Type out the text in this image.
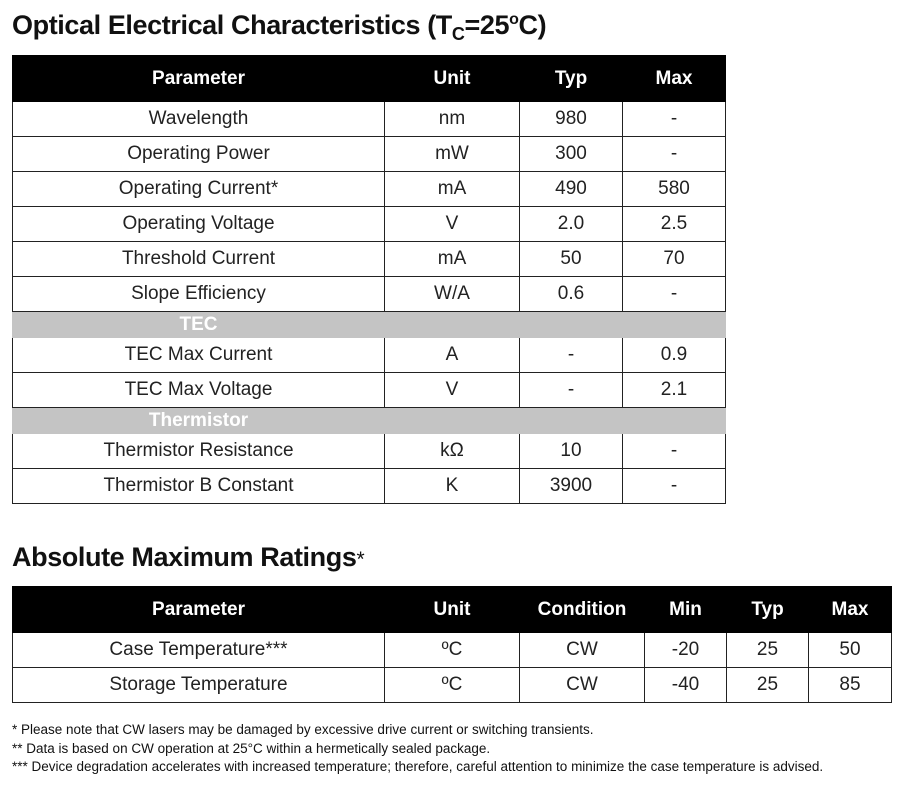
Optical Electrical Characteristics $(T_C=25^oC)$
Parameter	Unit	Typ	Max
Wavelength	nm	980	-
Operating Power	mW	300	-
Operating Current*	mA	490	580
Operating Voltage	V	2.0	2.5
Threshold Current	mA	50	70
Slope Efficiency	W/A	0.6	-
TEC			
TEC Max Current	A	-	0.9
TEC Max Voltage	V	-	2.1
Thermistor			
Thermistor Resistance	kΩ	10	-
Thermistor B Constant	K	3900	-
Absolute Maximum Ratings*
Parameter	Unit	Condition	Min	Typ	Max
Case Temperature***	ºC	CW	-20	25	50
Storage Temperature	ºC	CW	-40	25	85
* Please note that CW lasers may be damaged by excessive drive current or switching transients.
** Data is based on CW operation at 25°C within a hermetically sealed package.
*** Device degradation accelerates with increased temperature; therefore, careful attention to minimize the case temperature is advised.
